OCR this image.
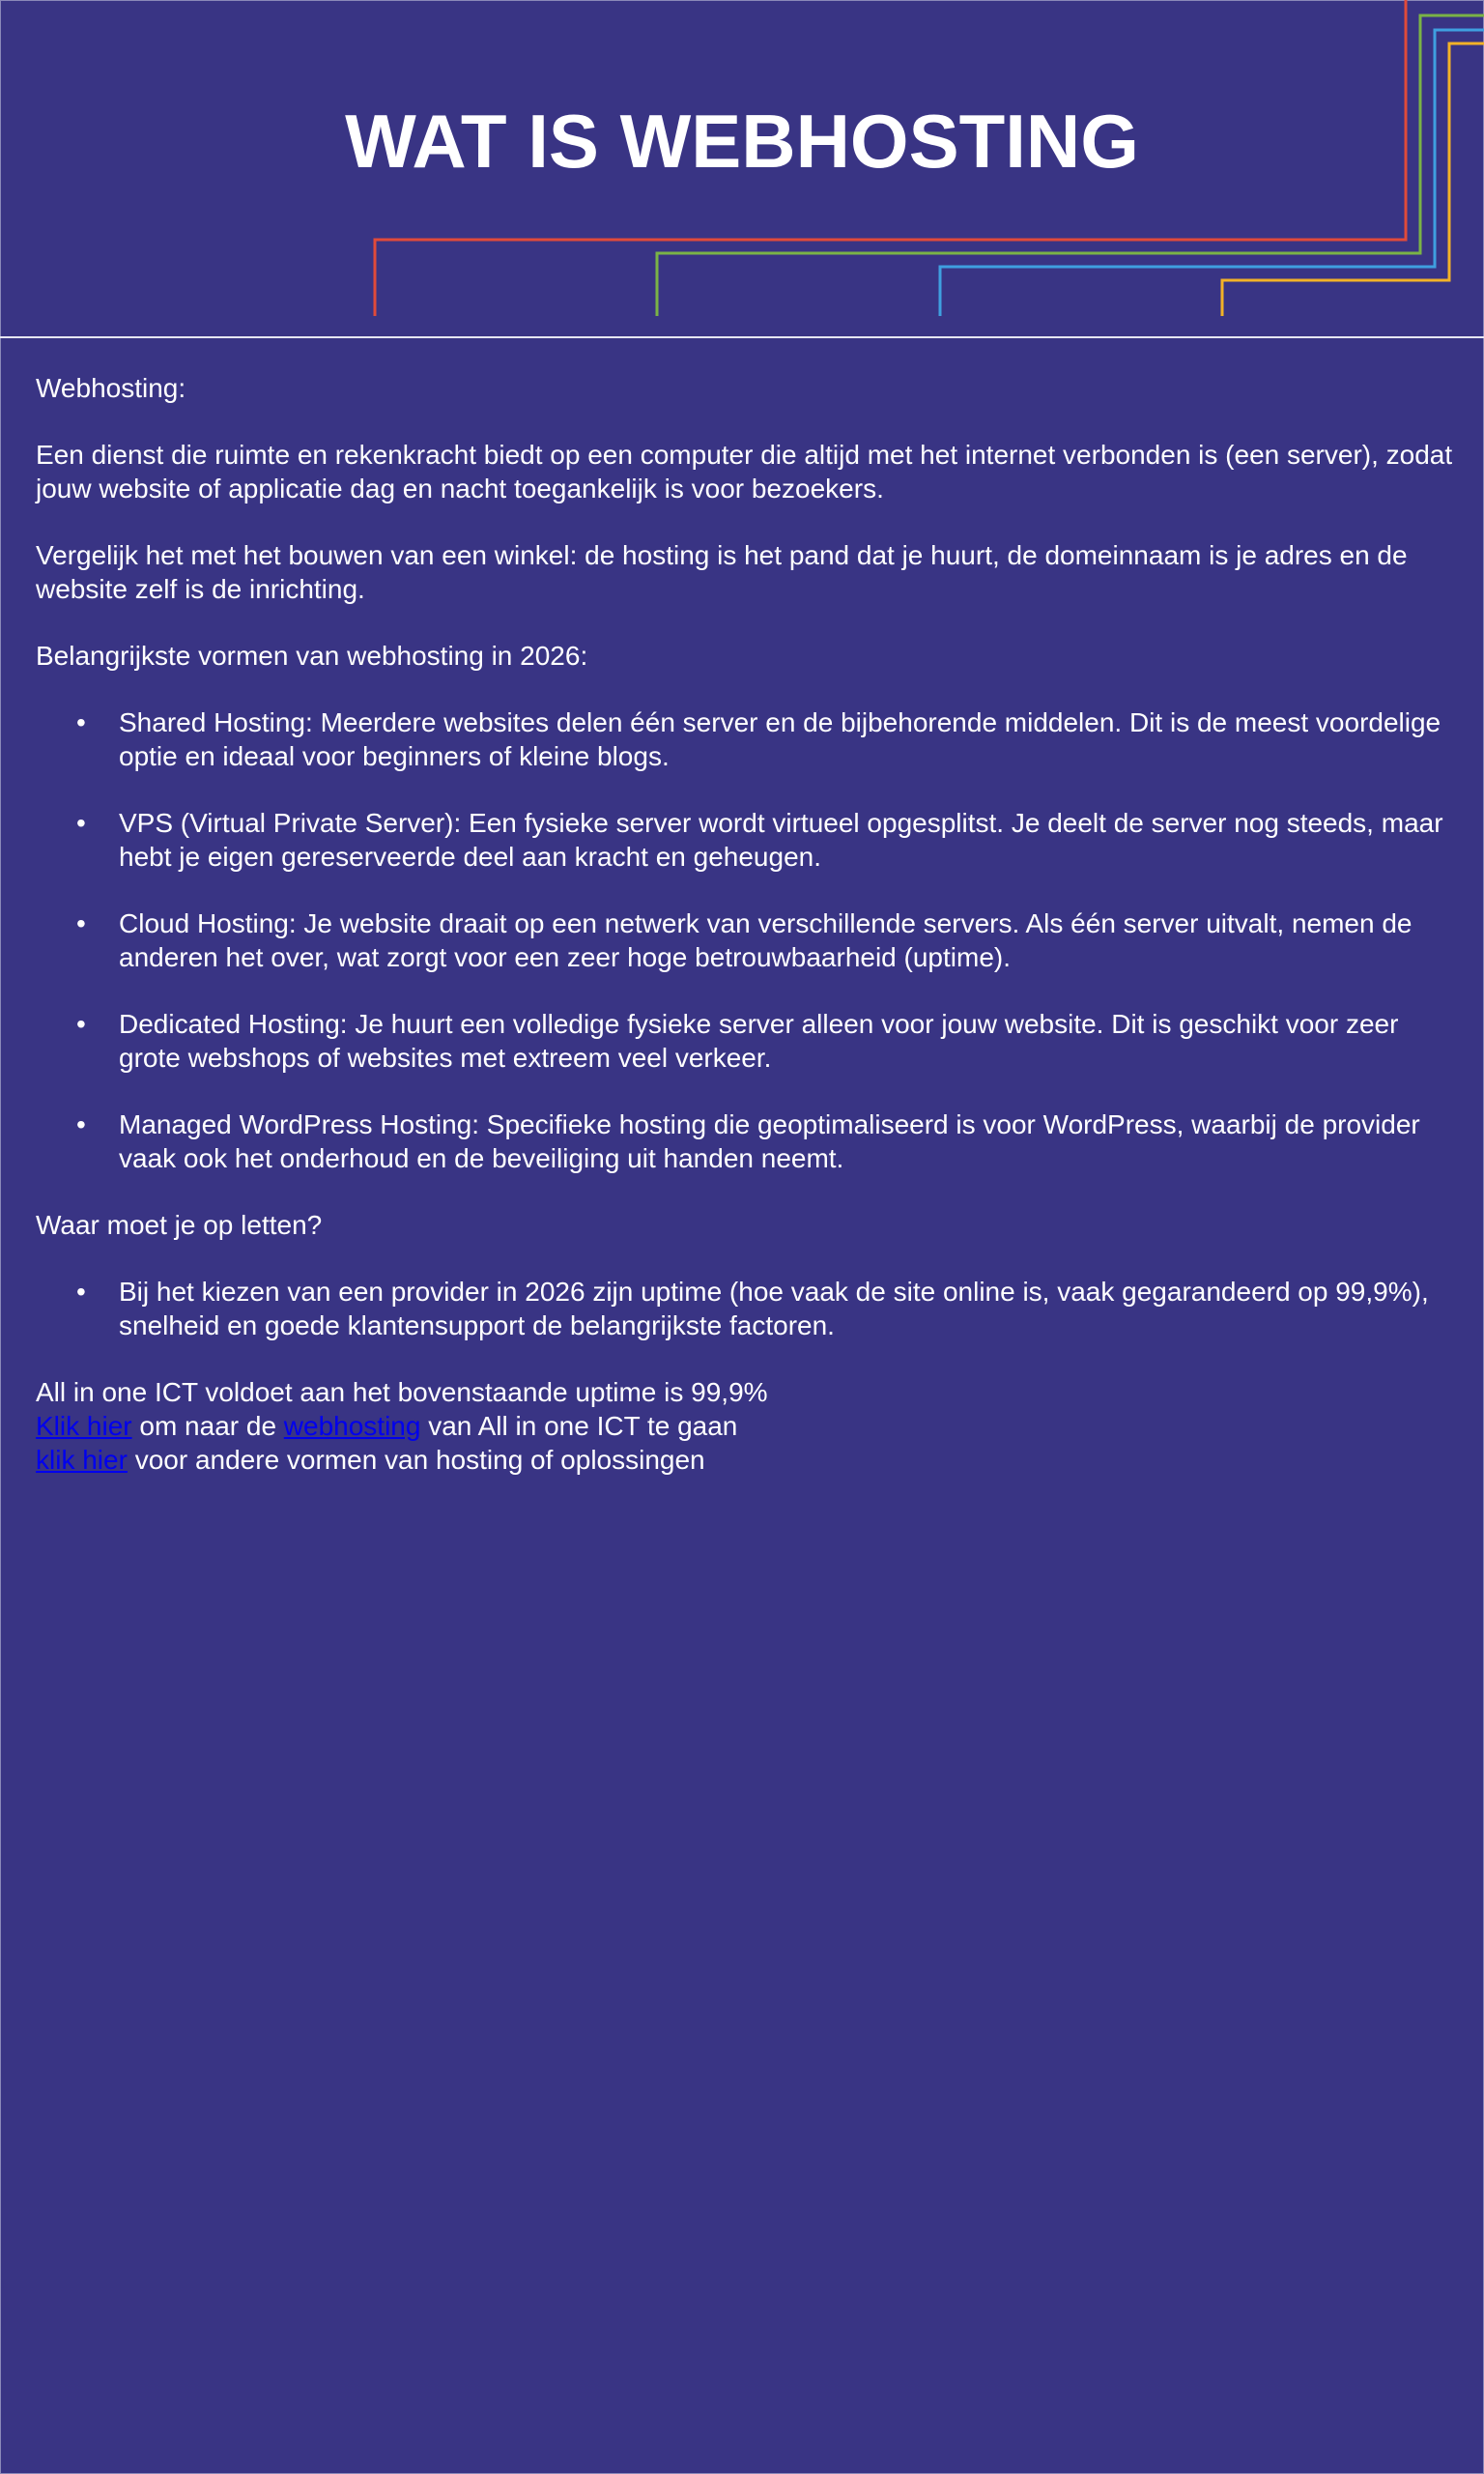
WAT IS WEBHOSTING

Webhosting:

Een dienst die ruimte en rekenkracht biedt op een computer die altijd met het internet verbonden is (een server), zodat jouw website of applicatie dag en nacht toegankelijk is voor bezoekers.

Vergelijk het met het bouwen van een winkel: de hosting is het pand dat je huurt, de domeinnaam is je adres en de website zelf is de inrichting.

Belangrijkste vormen van webhosting in 2026:

• Shared Hosting: Meerdere websites delen één server en de bijbehorende middelen. Dit is de meest voordelige optie en ideaal voor beginners of kleine blogs.
• VPS (Virtual Private Server): Een fysieke server wordt virtueel opgesplitst. Je deelt de server nog steeds, maar hebt je eigen gereserveerde deel aan kracht en geheugen.
• Cloud Hosting: Je website draait op een netwerk van verschillende servers. Als één server uitvalt, nemen de anderen het over, wat zorgt voor een zeer hoge betrouwbaarheid (uptime).
• Dedicated Hosting: Je huurt een volledige fysieke server alleen voor jouw website. Dit is geschikt voor zeer grote webshops of websites met extreem veel verkeer.
• Managed WordPress Hosting: Specifieke hosting die geoptimaliseerd is voor WordPress, waarbij de provider vaak ook het onderhoud en de beveiliging uit handen neemt.

Waar moet je op letten?

• Bij het kiezen van een provider in 2026 zijn uptime (hoe vaak de site online is, vaak gegarandeerd op 99,9%), snelheid en goede klantensupport de belangrijkste factoren.

All in one ICT voldoet aan het bovenstaande uptime is 99,9%

Klik hier om naar de webhosting van All in one ICT te gaan

klik hier voor andere vormen van hosting of oplossingen
